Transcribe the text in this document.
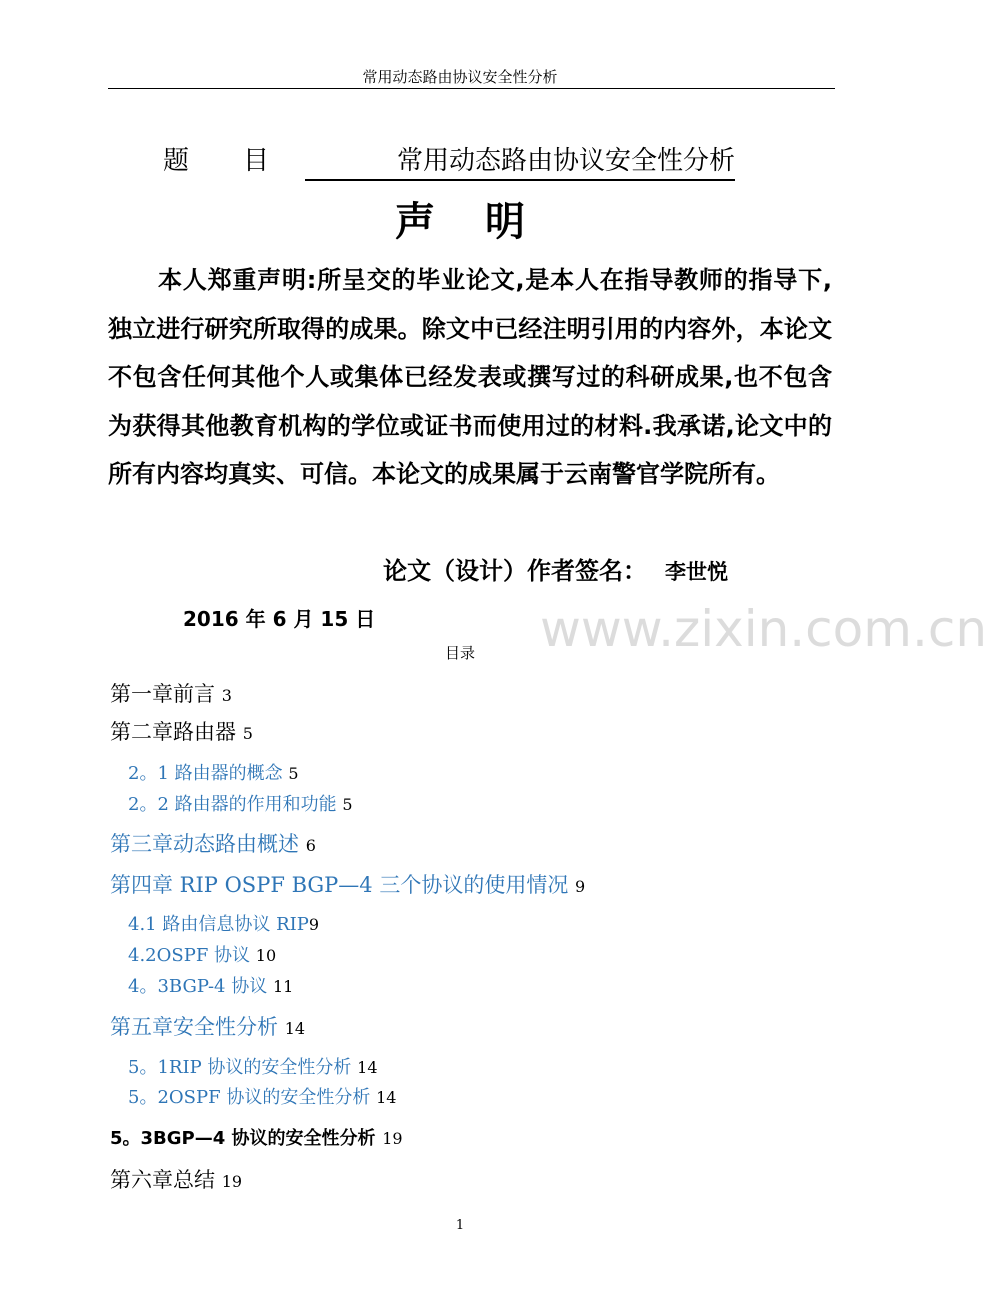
常用动态路由协议安全性分析
题 目	常用动态路由协议安全性分析
声明
本人郑重声明:所呈交的毕业论文,是本人在指导教师的指导下,独立进行研究所取得的成果。除文中已经注明引用的内容外，本论文不包含任何其他个人或集体已经发表或撰写过的科研成果,也不包含为获得其他教育机构的学位或证书而使用过的材料.我承诺,论文中的所有内容均真实、可信。本论文的成果属于云南警官学院所有。
论文（设计）作者签名： 李世悦
2016 年 6 月 15 日	www.zixin.com.cn
目录
第一章前言 3
第二章路由器 5
2。1 路由器的概念 5
2。2 路由器的作用和功能 5
第三章动态路由概述 6
第四章 RIP OSPF BGP—4 三个协议的使用情况 9
4.1 路由信息协议 RIP9
4.2OSPF 协议 10
4。3BGP-4 协议 11
第五章安全性分析 14
5。1RIP 协议的安全性分析 14
5。2OSPF 协议的安全性分析 14
5。3BGP—4 协议的安全性分析 19
第六章总结 19
1
